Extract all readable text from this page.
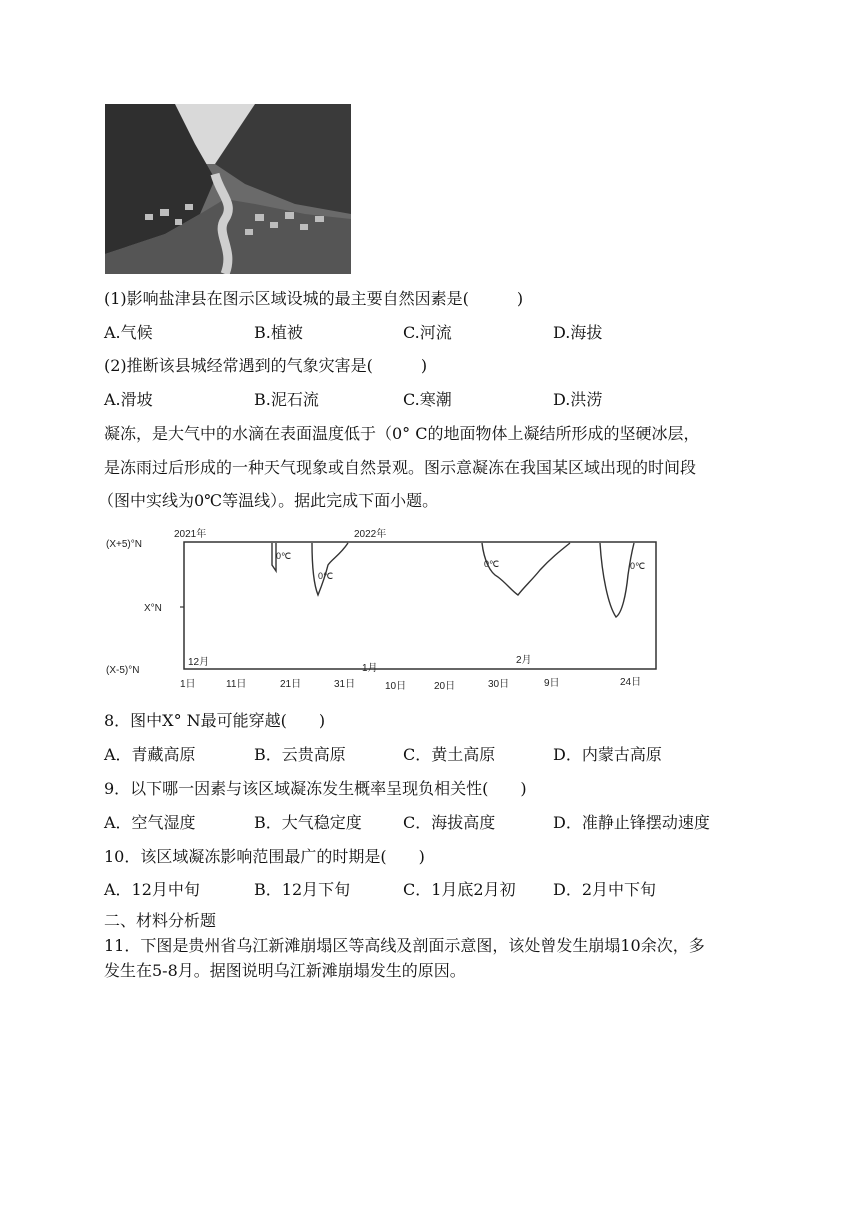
(1)影响盐津县在图示区域设城的最主要自然因素是(　　　)
A.气候	B.植被	C.河流	D.海拔
(2)推断该县城经常遇到的气象灾害是(　　　)
A.滑坡	B.泥石流	C.寒潮	D.洪涝
凝冻，是大气中的水滴在表面温度低于（0° C的地面物体上凝结所形成的坚硬冰层，
是冻雨过后形成的一种天气现象或自然景观。图示意凝冻在我国某区域出现的时间段
（图中实线为0℃等温线）。据此完成下面小题。
(X+5)°N
X°N
(X-5)°N
2021年	2022年
12月
1月
2月
1日	11日	21日	31日	10日	20日	30日	9日	24日
0℃
0℃
0℃	0℃
8．图中X° N最可能穿越(　　)
A．青藏高原	B．云贵高原	C．黄土高原	D．内蒙古高原
9．以下哪一因素与该区域凝冻发生概率呈现负相关性(　　)
A．空气湿度	B．大气稳定度	C．海拔高度	D．准静止锋摆动速度
10．该区域凝冻影响范围最广的时期是(　　)
A．12月中旬	B．12月下旬	C．1月底2月初 D．2月中下旬
二、材料分析题
11．下图是贵州省乌江新滩崩塌区等高线及剖面示意图，该处曾发生崩塌10余次，多
发生在5-8月。据图说明乌江新滩崩塌发生的原因。
